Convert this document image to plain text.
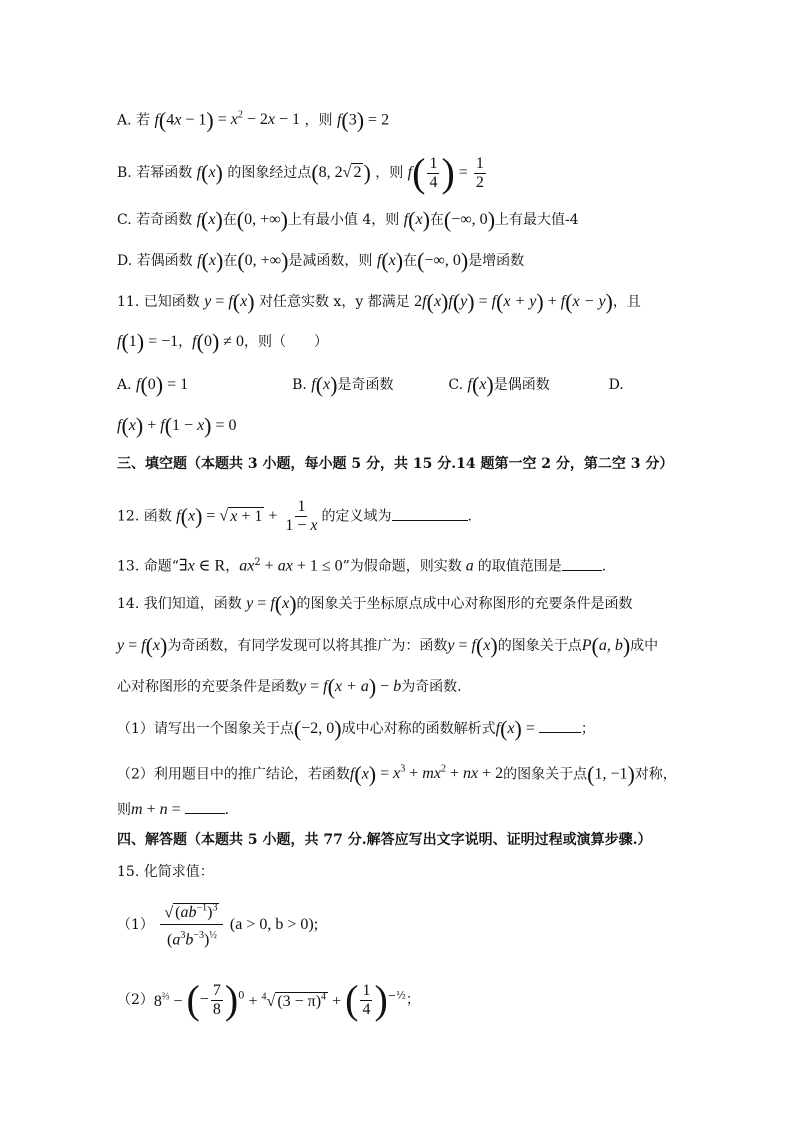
A. 若 $f(4x - 1) = x^2 - 2x - 1$ ，则 f(3) = 2
B. 若幂函数 f(x) 的图象经过点(8, 2√ 2) ，则 $f( \frac{1}{4}$ ) = $\frac{1}{2}$
C. 若奇函数 f(x)在(0, +∞)上有最小值 4，则 f(x)在(−∞, 0)上有最大值-4
D. 若偶函数 f(x)在(0, +∞)是减函数，则 f(x)在(−∞, 0)是增函数
11. 已知函数 y = f(x) 对任意实数 x，y 都满足 2f(x)f(y) = f(x + y) + f(x − y)，且
f(1) = −1，f(0) ≠ 0，则（　　）
A. f(0) = 1	B. f(x)是奇函数	C. f(x)是偶函数	D.
f(x) + f(1 − x) = 0
三、填空题（本题共 3 小题，每小题 5 分，共 15 分.14 题第一空 2 分，第二空 3 分）
12. 函数 f(x) = √ $x + 1 + \frac{1}{1 - x}$ 的定义域为	.
13. 命题“∃x ∈ R，$ax^2$ + ax + 1 ≤ 0”为假命题，则实数 a 的取值范围是	.
14. 我们知道，函数 y = f(x)的图象关于坐标原点成中心对称图形的充要条件是函数
y = f(x)为奇函数，有同学发现可以将其推广为：函数y = f(x)的图象关于点P(a, b)成中
心对称图形的充要条件是函数y = f(x + a) − b为奇函数.
（1）请写出一个图象关于点(−2, 0)成中心对称的函数解析式f(x) =	；
（2）利用题目中的推广结论，若函数$f(x) = x^3 + mx^2$ + nx + 2的图象关于点(1, −1)对称，
则m + n =	.
四、解答题（本题共 5 小题，共 77 分.解答应写出文字说明、证明过程或演算步骤.）
15. 化简求值：
$(1) \frac{√ (ab^{-1})^3}{(a^3b^{-3})^{\frac{1}{2}}} (a > 0$, b > 0);
$(2)8^{\frac{2}{3}}$ − (− $\frac{7}{8} )^0 + ^4√$ $(3 - \pi)^4$ + ( $\frac{1}{4} )^{-\frac{1}{2}}$；
